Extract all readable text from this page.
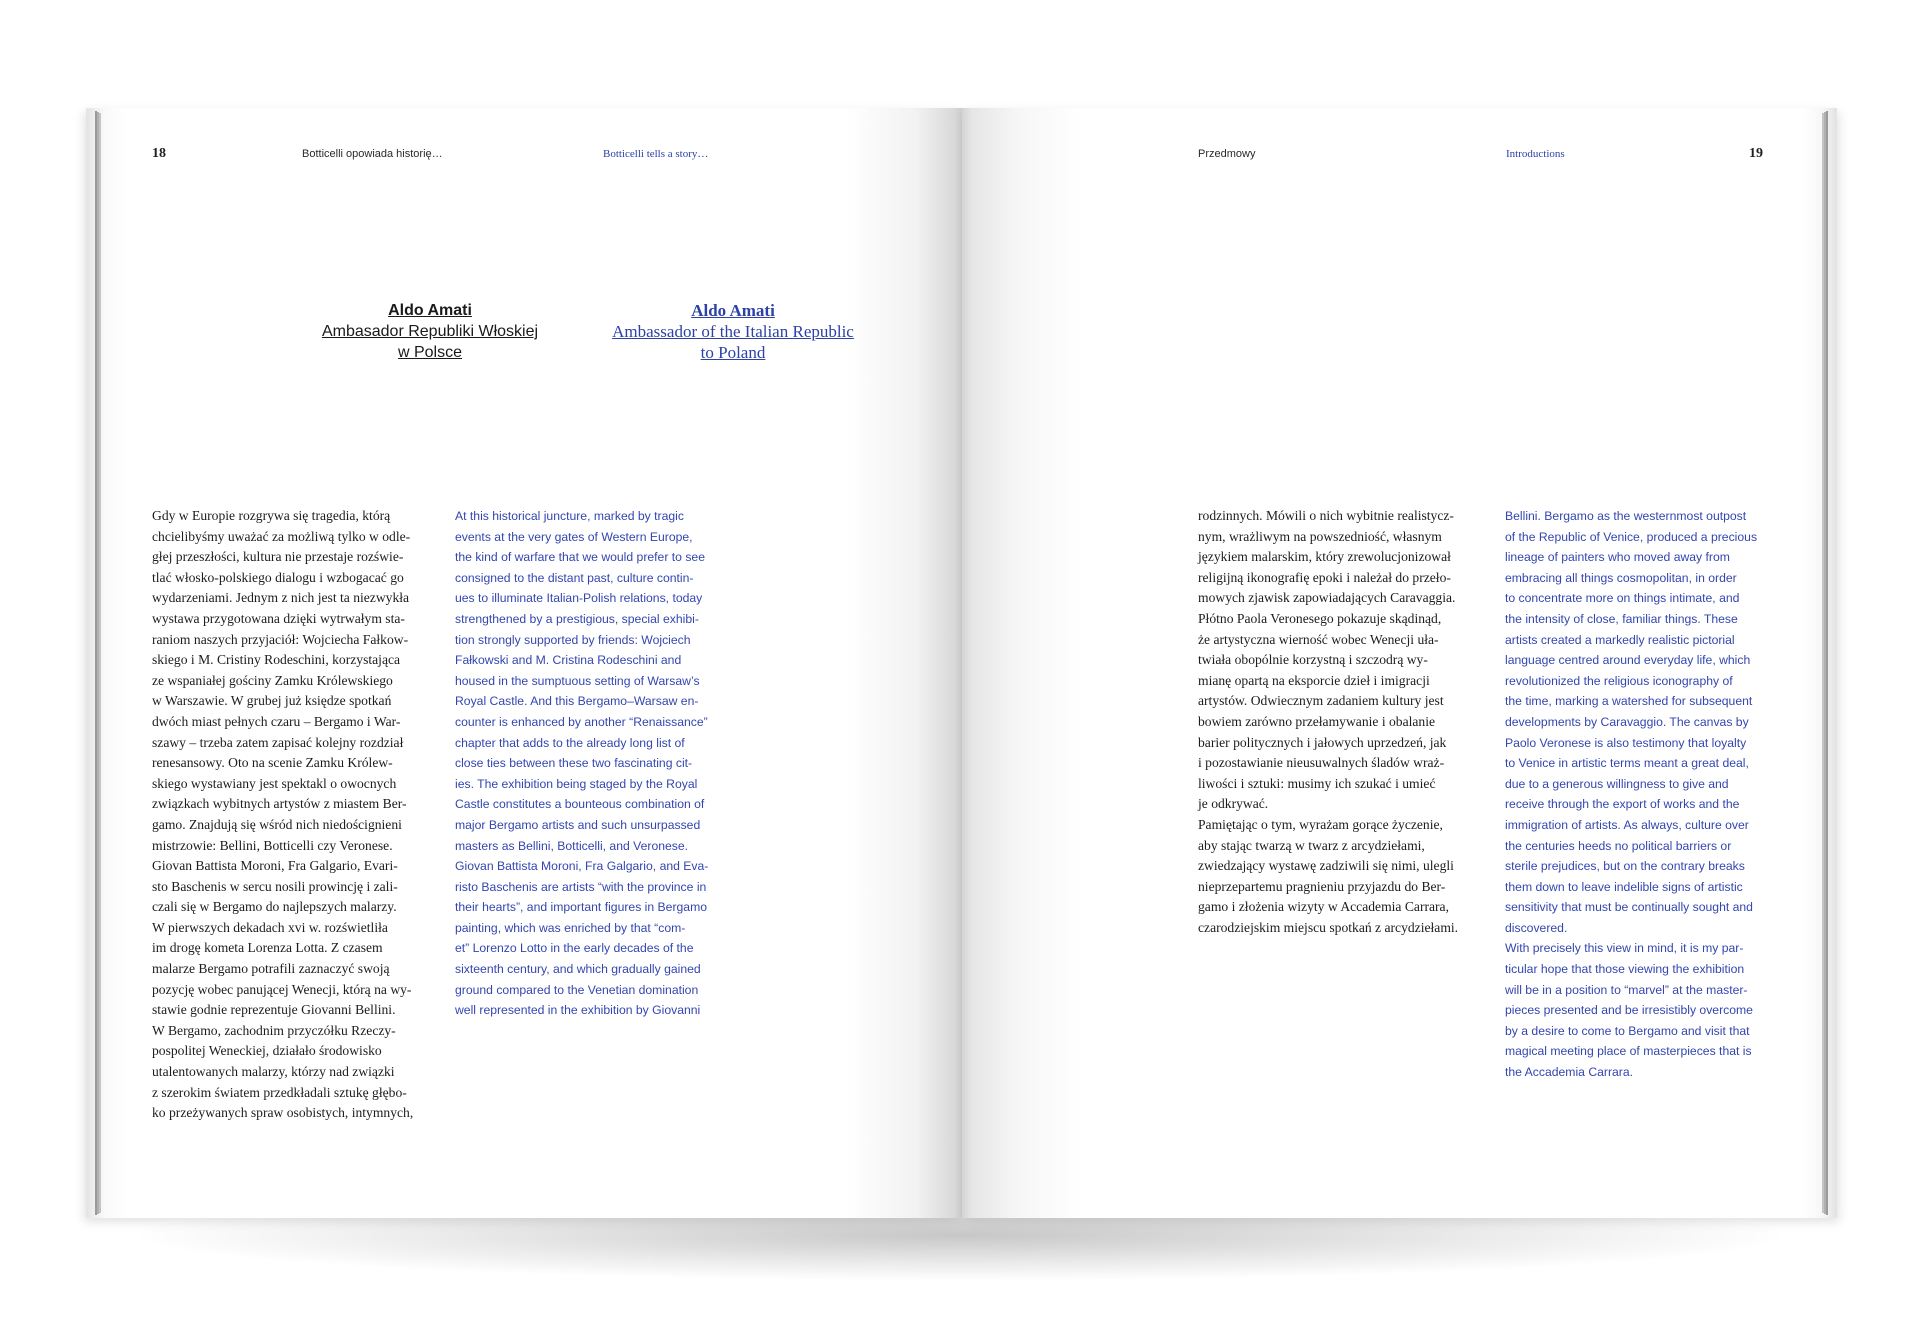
18	Botticelli opowiada historię…	Botticelli tells a story…
Aldo Amati
Ambasador Republiki Włoskiej
w Polsce
Aldo Amati
Ambassador of the Italian Republic
to Poland
Gdy w Europie rozgrywa się tragedia, którą
chcielibyśmy uważać za możliwą tylko w odle-
głej przeszłości, kultura nie przestaje rozświe-
tlać włosko-polskiego dialogu i wzbogacać go
wydarzeniami. Jednym z nich jest ta niezwykła
wystawa przygotowana dzięki wytrwałym sta-
raniom naszych przyjaciół: Wojciecha Fałkow-
skiego i M. Cristiny Rodeschini, korzystająca
ze wspaniałej gościny Zamku Królewskiego
w Warszawie. W grubej już księdze spotkań
dwóch miast pełnych czaru – Bergamo i War-
szawy – trzeba zatem zapisać kolejny rozdział
renesansowy. Oto na scenie Zamku Królew-
skiego wystawiany jest spektakl o owocnych
związkach wybitnych artystów z miastem Ber-
gamo. Znajdują się wśród nich niedoścignieni
mistrzowie: Bellini, Botticelli czy Veronese.
Giovan Battista Moroni, Fra Galgario, Evari-
sto Baschenis w sercu nosili prowincję i zali-
czali się w Bergamo do najlepszych malarzy.
W pierwszych dekadach xvi w. rozświetliła
im drogę kometa Lorenza Lotta. Z czasem
malarze Bergamo potrafili zaznaczyć swoją
pozycję wobec panującej Wenecji, którą na wy-
stawie godnie reprezentuje Giovanni Bellini.
W Bergamo, zachodnim przyczółku Rzeczy-
pospolitej Weneckiej, działało środowisko
utalentowanych malarzy, którzy nad związki
z szerokim światem przedkładali sztukę głębo-
ko przeżywanych spraw osobistych, intymnych,
At this historical juncture, marked by tragic
events at the very gates of Western Europe,
the kind of warfare that we would prefer to see
consigned to the distant past, culture contin-
ues to illuminate Italian-Polish relations, today
strengthened by a prestigious, special exhibi-
tion strongly supported by friends: Wojciech
Fałkowski and M. Cristina Rodeschini and
housed in the sumptuous setting of Warsaw’s
Royal Castle. And this Bergamo–Warsaw en-
counter is enhanced by another “Renaissance”
chapter that adds to the already long list of
close ties between these two fascinating cit-
ies. The exhibition being staged by the Royal
Castle constitutes a bounteous combination of
major Bergamo artists and such unsurpassed
masters as Bellini, Botticelli, and Veronese.
Giovan Battista Moroni, Fra Galgario, and Eva-
risto Baschenis are artists “with the province in
their hearts”, and important figures in Bergamo
painting, which was enriched by that “com-
et” Lorenzo Lotto in the early decades of the
sixteenth century, and which gradually gained
ground compared to the Venetian domination
well represented in the exhibition by Giovanni
Przedmowy	Introductions	19
rodzinnych. Mówili o nich wybitnie realistycz-
nym, wrażliwym na powszedniość, własnym
językiem malarskim, który zrewolucjonizował
religijną ikonografię epoki i należał do przeło-
mowych zjawisk zapowiadających Caravaggia.
Płótno Paola Veronesego pokazuje skądinąd,
że artystyczna wierność wobec Wenecji uła-
twiała obopólnie korzystną i szczodrą wy-
mianę opartą na eksporcie dzieł i imigracji
artystów. Odwiecznym zadaniem kultury jest
bowiem zarówno przełamywanie i obalanie
barier politycznych i jałowych uprzedzeń, jak
i pozostawianie nieusuwalnych śladów wraż-
liwości i sztuki: musimy ich szukać i umieć
je odkrywać.
Pamiętając o tym, wyrażam gorące życzenie,
aby stając twarzą w twarz z arcydziełami,
zwiedzający wystawę zadziwili się nimi, ulegli
nieprzepartemu pragnieniu przyjazdu do Ber-
gamo i złożenia wizyty w Accademia Carrara,
czarodziejskim miejscu spotkań z arcydziełami.
Bellini. Bergamo as the westernmost outpost
of the Republic of Venice, produced a precious
lineage of painters who moved away from
embracing all things cosmopolitan, in order
to concentrate more on things intimate, and
the intensity of close, familiar things. These
artists created a markedly realistic pictorial
language centred around everyday life, which
revolutionized the religious iconography of
the time, marking a watershed for subsequent
developments by Caravaggio. The canvas by
Paolo Veronese is also testimony that loyalty
to Venice in artistic terms meant a great deal,
due to a generous willingness to give and
receive through the export of works and the
immigration of artists. As always, culture over
the centuries heeds no political barriers or
sterile prejudices, but on the contrary breaks
them down to leave indelible signs of artistic
sensitivity that must be continually sought and
discovered.
With precisely this view in mind, it is my par-
ticular hope that those viewing the exhibition
will be in a position to “marvel” at the master-
pieces presented and be irresistibly overcome
by a desire to come to Bergamo and visit that
magical meeting place of masterpieces that is
the Accademia Carrara.
